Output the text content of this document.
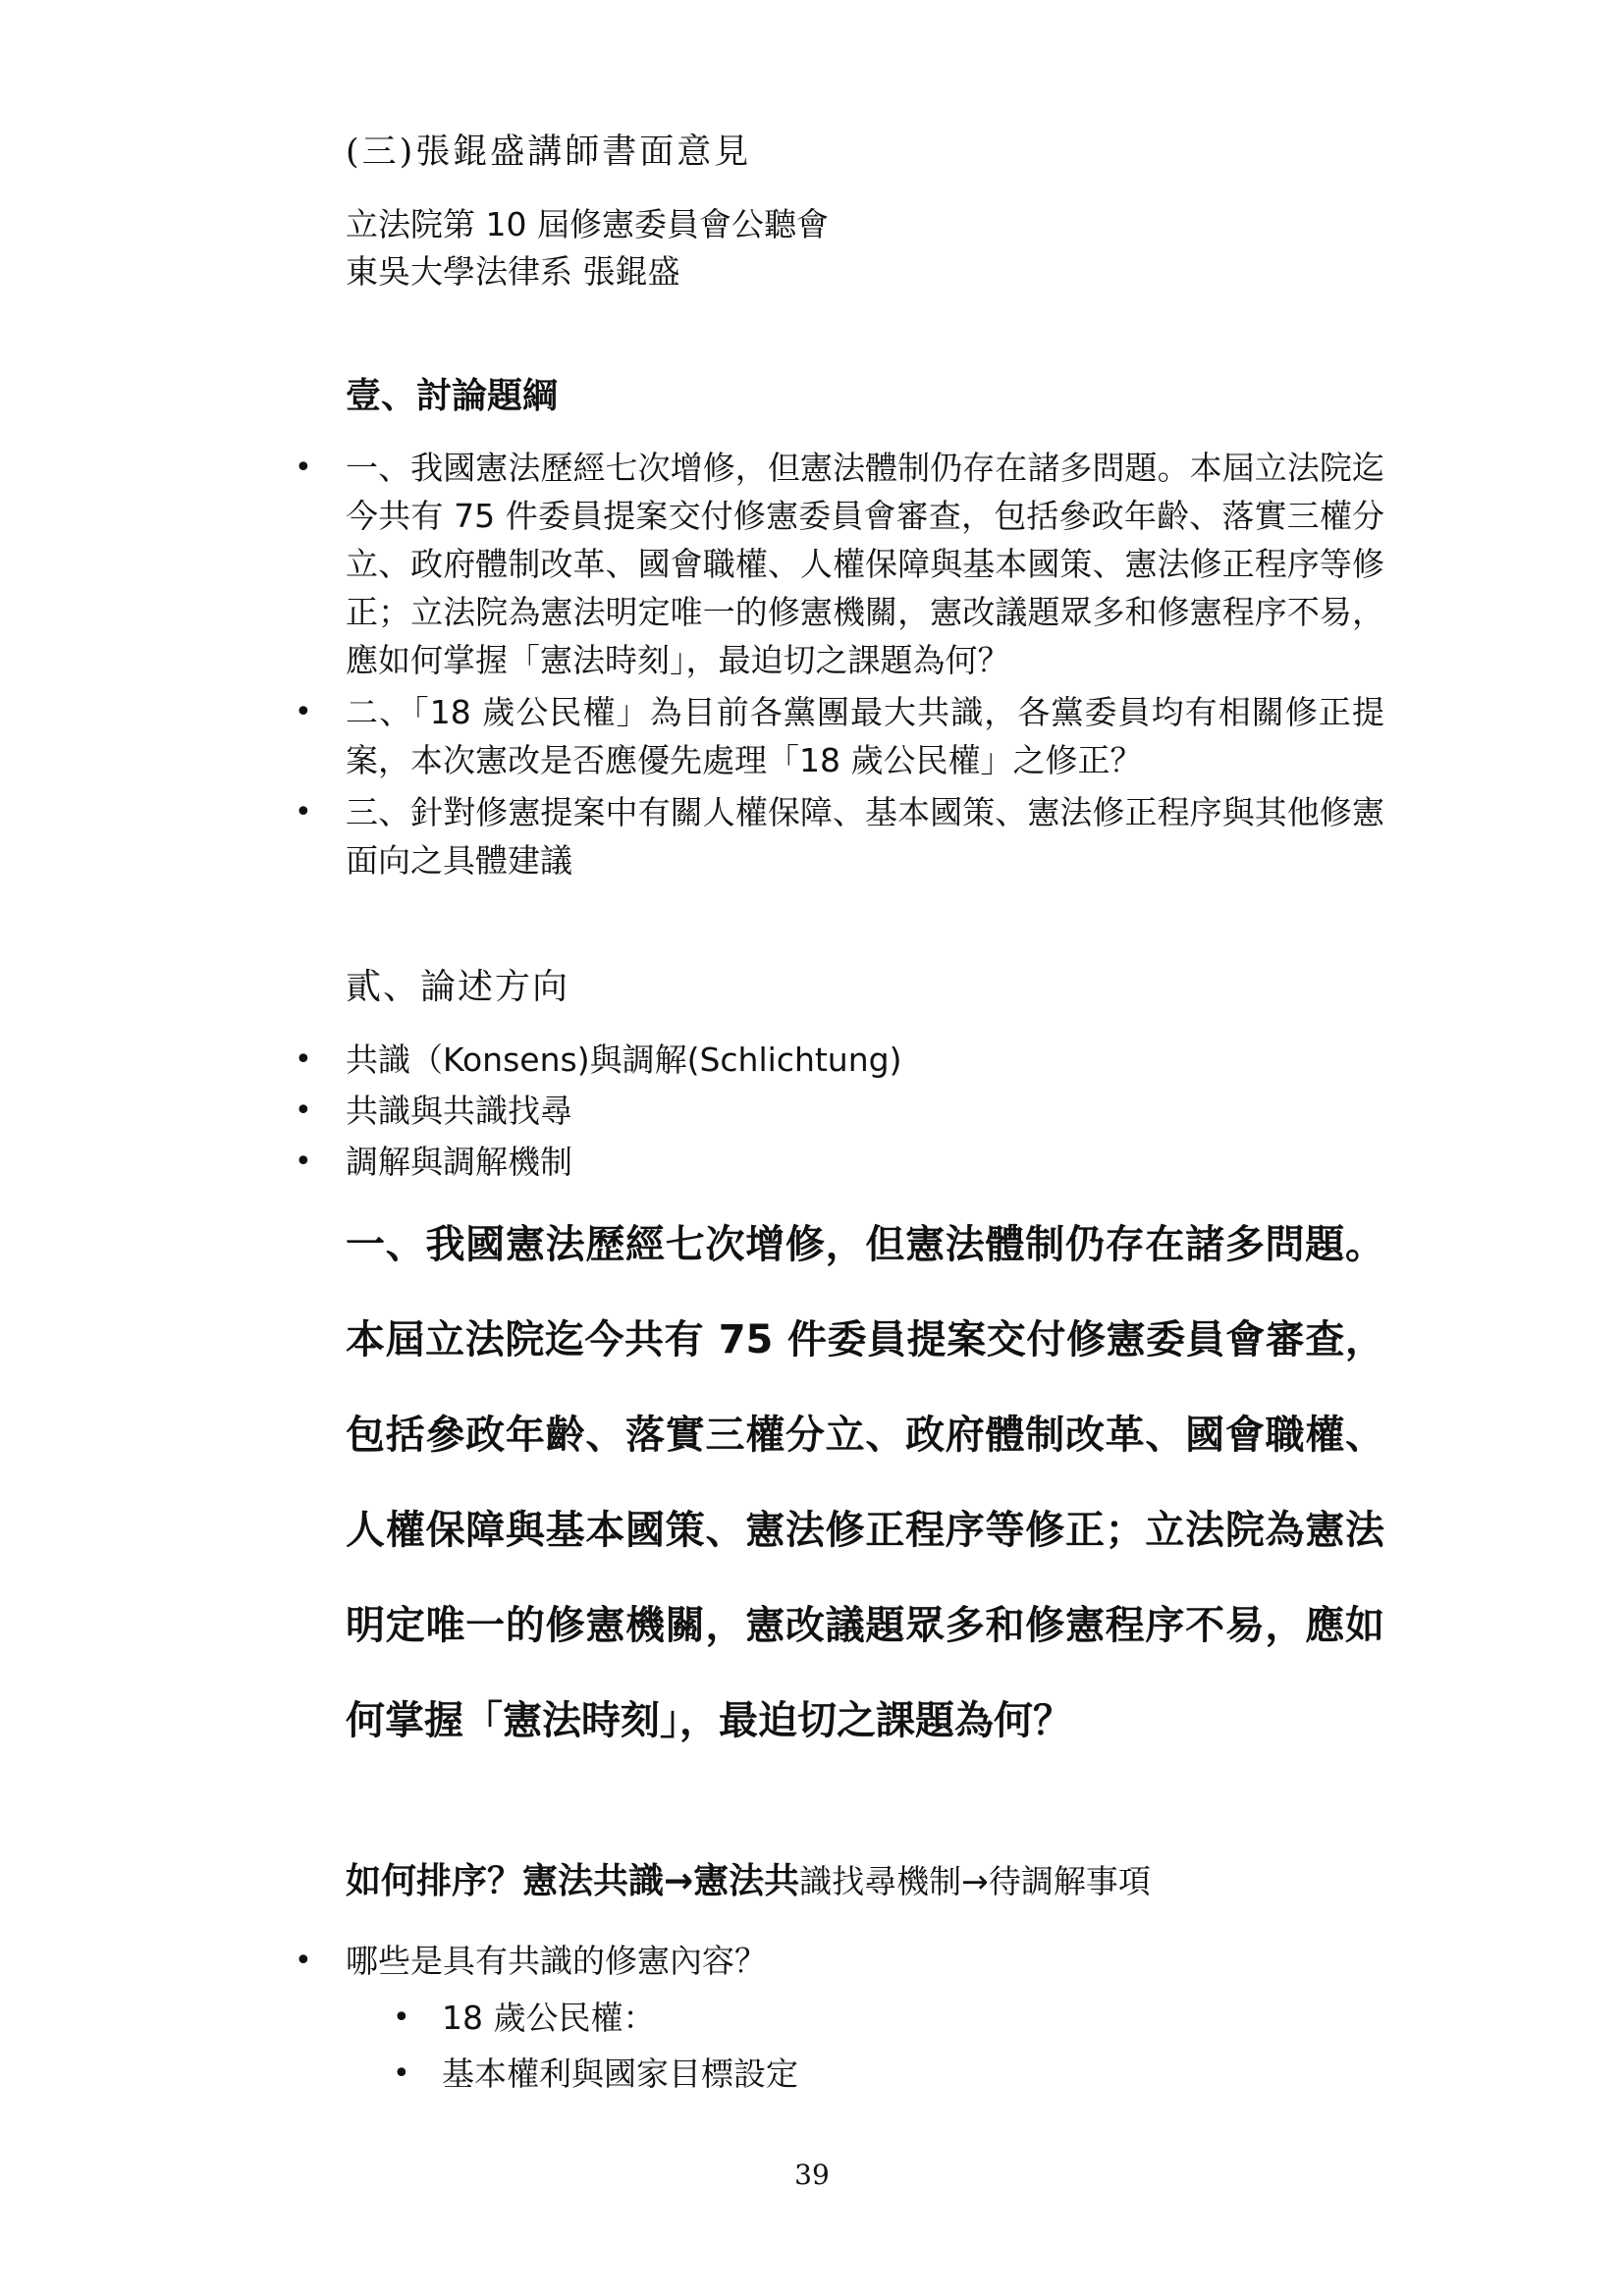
(三)張錕盛講師書面意見
立法院第 10 屆修憲委員會公聽會
東吳大學法律系 張錕盛
壹、討論題綱
• 一、我國憲法歷經七次增修，但憲法體制仍存在諸多問題。本屆立法院迄今共有 75 件委員提案交付修憲委員會審查，包括參政年齡、落實三權分立、政府體制改革、國會職權、人權保障與基本國策、憲法修正程序等修正；立法院為憲法明定唯一的修憲機關，憲改議題眾多和修憲程序不易，應如何掌握「憲法時刻」，最迫切之課題為何？
• 二、「18 歲公民權」為目前各黨團最大共識，各黨委員均有相關修正提案，本次憲改是否應優先處理「18 歲公民權」之修正？
• 三、針對修憲提案中有關人權保障、基本國策、憲法修正程序與其他修憲面向之具體建議
貳、論述方向
• 共識（Konsens)與調解(Schlichtung)
• 共識與共識找尋
• 調解與調解機制

一、我國憲法歷經七次增修，但憲法體制仍存在諸多問題。本屆立法院迄今共有 75 件委員提案交付修憲委員會審查，包括參政年齡、落實三權分立、政府體制改革、國會職權、人權保障與基本國策、憲法修正程序等修正；立法院為憲法明定唯一的修憲機關，憲改議題眾多和修憲程序不易，應如何掌握「憲法時刻」，最迫切之課題為何？

如何排序？憲法共識→憲法共識找尋機制→待調解事項
• 哪些是具有共識的修憲內容？
• 18 歲公民權：
• 基本權利與國家目標設定
39
